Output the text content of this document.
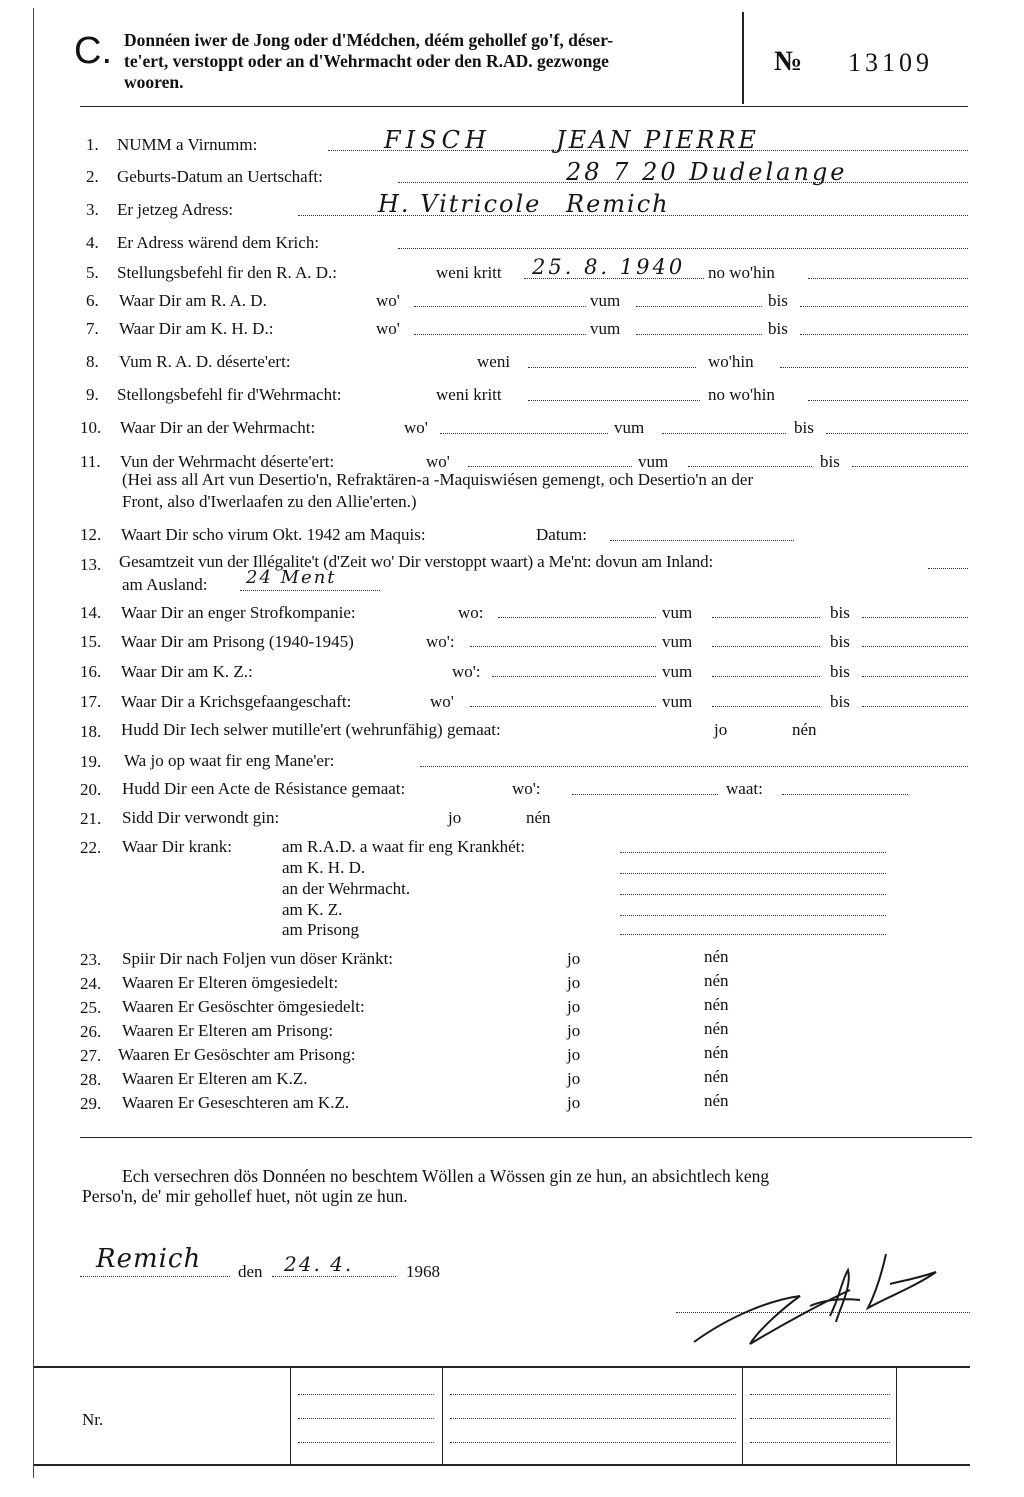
C. Donnéen iwer de Jong oder d'Médchen, déém gehollef go'f, déser-
te'ert, verstoppt oder an d'Wehrmacht oder den R.AD. gezwonge
wooren.
№ 13109
1. NUMM a Virnumm:	FISCH	JEAN PIERRE
2. Geburts-Datum an Uertschaft:	28 7 20 Dudelange
3. Er jetzeg Adress:	H. Vitricole Remich
4. Er Adress wärend dem Krich:
5. Stellungsbefehl fir den R. A. D.:	weni kritt 25. 8. 1940 no wo'hin
6. Waar Dir am R. A. D.	wo'	vum	bis
7. Waar Dir am K. H. D.:	wo'	vum	bis
8. Vum R. A. D. déserte'ert:	weni	wo'hin
9. Stellongsbefehl fir d'Wehrmacht:	weni kritt	no wo'hin
10. Waar Dir an der Wehrmacht:	wo'	vum	bis
11. Vun der Wehrmacht déserte'ert:	wo'	vum	bis
(Hei ass all Art vun Desertio'n, Refraktären-a -Maquiswiésen gemengt, och Desertio'n an der
Front, also d'Iwerlaafen zu den Allie'erten.)
12. Waart Dir scho virum Okt. 1942 am Maquis:	Datum:
13. Gesamtzeit vun der Illégalite't (d'Zeit wo' Dir verstoppt waart) a Me'nt: dovun am Inland:
am Ausland: 24 Ment
14. Waar Dir an enger Strofkompanie:	wo:	vum	bis
15. Waar Dir am Prisong (1940-1945)	wo':	vum	bis
16. Waar Dir am K. Z.:	wo':	vum	bis
17. Waar Dir a Krichsgefaangeschaft:	wo'	vum	bis
18. Hudd Dir Iech selwer mutille'ert (wehrunfähig) gemaat:	jo	nén
19. Wa jo op waat fir eng Mane'er:
20. Hudd Dir een Acte de Résistance gemaat:	wo':	waat:
21. Sidd Dir verwondt gin:	jo	nén
22. Waar Dir krank:	am R.A.D. a waat fir eng Krankhét:
am K. H. D.
an der Wehrmacht.
am K. Z.
am Prisong
23. Spiir Dir nach Foljen vun döser Kränkt:	jo	nén
24. Waaren Er Elteren ömgesiedelt:	jo	nén
25. Waaren Er Gesöschter ömgesiedelt:	jo	nén
26. Waaren Er Elteren am Prisong:	jo	nén
27. Waaren Er Gesöschter am Prisong:	jo	nén
28. Waaren Er Elteren am K.Z.	jo	nén
29. Waaren Er Geseschteren am K.Z.	jo	nén
Ech versechren dös Donnéen no beschtem Wöllen a Wössen gin ze hun, an absichtlech keng
Perso'n, de' mir gehollef huet, nöt ugin ze hun.
Remich den 24. 4.	1968
Nr.
